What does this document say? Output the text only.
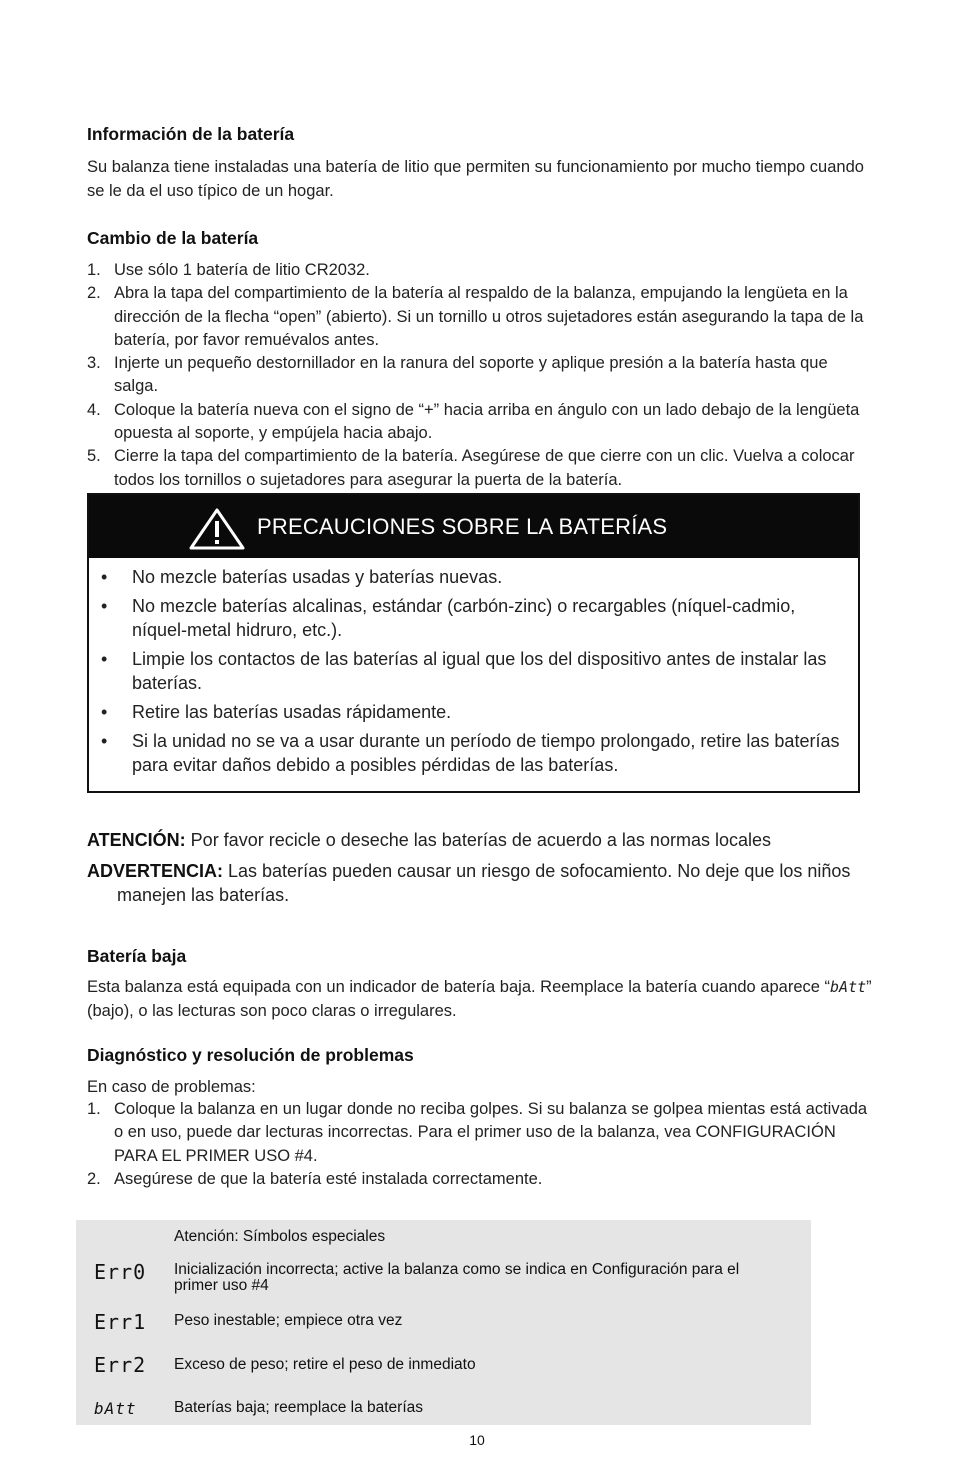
Información de la batería

Su balanza tiene instaladas una batería de litio que permiten su funcionamiento por mucho tiempo cuando se le da el uso típico de un hogar.

Cambio de la batería
1. Use sólo 1 batería de litio CR2032.
2. Abra la tapa del compartimiento de la batería al respaldo de la balanza, empujando la lengüeta en la dirección de la flecha “open” (abierto). Si un tornillo u otros sujetadores están asegurando la tapa de la batería, por favor remuévalos antes.
3. Injerte un pequeño destornillador en la ranura del soporte y aplique presión a la batería hasta que salga.
4. Coloque la batería nueva con el signo de “+” hacia arriba en ángulo con un lado debajo de la lengüeta opuesta al soporte, y empújela hacia abajo.
5. Cierre la tapa del compartimiento de la batería. Asegúrese de que cierre con un clic. Vuelva a colocar todos los tornillos o sujetadores para asegurar la puerta de la batería.
PRECAUCIONES SOBRE LA BATERÍAS
• No mezcle baterías usadas y baterías nuevas.
• No mezcle baterías alcalinas, estándar (carbón-zinc) o recargables (níquel-cadmio, níquel-metal hidruro, etc.).
• Limpie los contactos de las baterías al igual que los del dispositivo antes de instalar las baterías.
• Retire las baterías usadas rápidamente.
• Si la unidad no se va a usar durante un período de tiempo prolongado, retire las baterías para evitar daños debido a posibles pérdidas de las baterías.

ATENCIÓN: Por favor recicle o deseche las baterías de acuerdo a las normas locales

ADVERTENCIA: Las baterías pueden causar un riesgo de sofocamiento. No deje que los niños manejen las baterías.

Batería baja

Esta balanza está equipada con un indicador de batería baja. Reemplace la batería cuando aparece “bAtt” (bajo), o las lecturas son poco claras o irregulares.

Diagnóstico y resolución de problemas

En caso de problemas:

1. Coloque la balanza en un lugar donde no reciba golpes. Si su balanza se golpea mientas está activada o en uso, puede dar lecturas incorrectas. Para el primer uso de la balanza, vea CONFIGURACIÓN PARA EL PRIMER USO #4.
2. Asegúrese de que la batería esté instalada correctamente.
Atención: Símbolos especiales
Err0 Inicialización incorrecta; active la balanza como se indica en Configuración para el primer uso #4
Err1 Peso inestable; empiece otra vez
Err2 Exceso de peso; retire el peso de inmediato
bAtt Baterías baja; reemplace la baterías
10
